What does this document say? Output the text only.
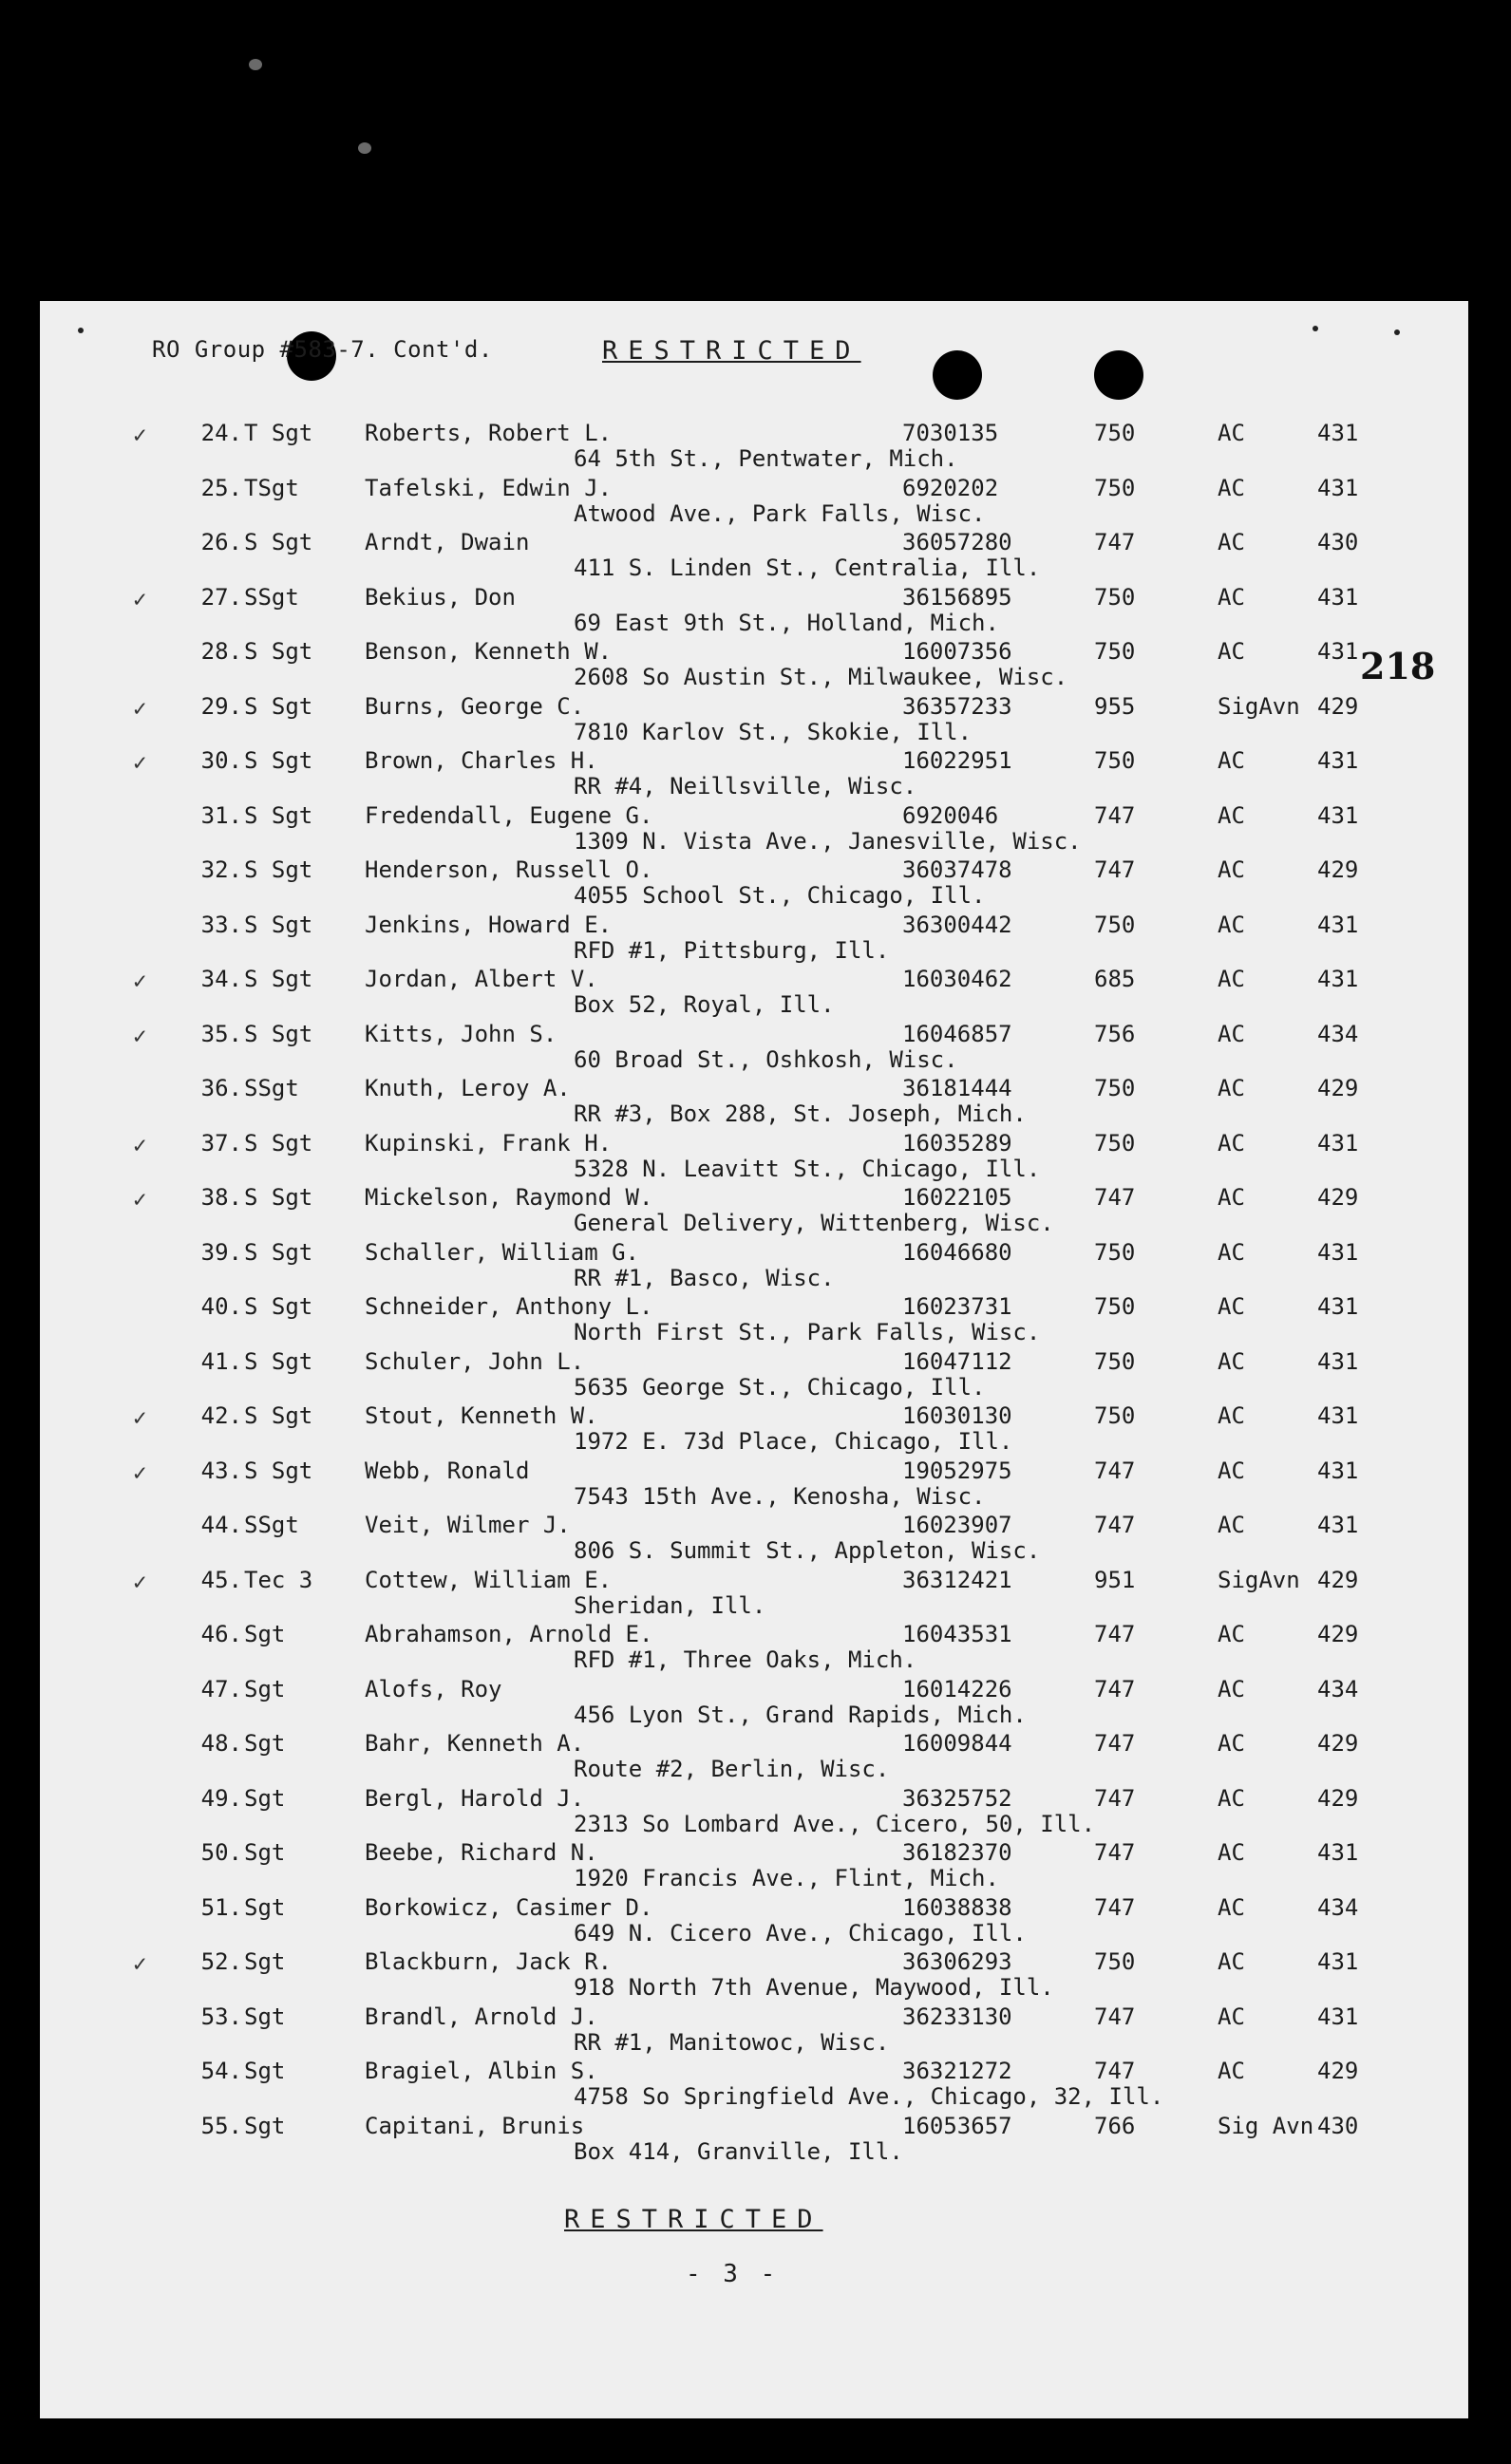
RO Group #583-7. Cont'd.	RESTRICTED
218
✓	24. T Sgt Roberts, Robert L.	7030135	750	AC	431
64 5th St., Pentwater, Mich.
25. TSgt	Tafelski, Edwin J.	6920202	750	AC	431
Atwood Ave., Park Falls, Wisc.
26. S Sgt Arndt, Dwain	36057280	747	AC	430
411 S. Linden St., Centralia, Ill.
✓	27. SSgt	Bekius, Don	36156895	750	AC	431
69 East 9th St., Holland, Mich.
28. S Sgt Benson, Kenneth W.	16007356	750	AC	431
2608 So Austin St., Milwaukee, Wisc.
✓	29. S Sgt Burns, George C.	36357233	955	SigAvn 429
7810 Karlov St., Skokie, Ill.
✓	30. S Sgt Brown, Charles H.	16022951	750	AC	431
RR #4, Neillsville, Wisc.
31. S Sgt Fredendall, Eugene G.	6920046	747	AC	431
1309 N. Vista Ave., Janesville, Wisc.
32. S Sgt Henderson, Russell O.	36037478	747	AC	429
4055 School St., Chicago, Ill.
33. S Sgt Jenkins, Howard E.	36300442	750	AC	431
RFD #1, Pittsburg, Ill.
✓	34. S Sgt Jordan, Albert V.	16030462	685	AC	431
Box 52, Royal, Ill.
✓	35. S Sgt Kitts, John S.	16046857	756	AC	434
60 Broad St., Oshkosh, Wisc.
36. SSgt	Knuth, Leroy A.	36181444	750	AC	429
RR #3, Box 288, St. Joseph, Mich.
✓	37. S Sgt Kupinski, Frank H.	16035289	750	AC	431
5328 N. Leavitt St., Chicago, Ill.
✓	38. S Sgt Mickelson, Raymond W.	16022105	747	AC	429
General Delivery, Wittenberg, Wisc.
39. S Sgt Schaller, William G.	16046680	750	AC	431
RR #1, Basco, Wisc.
40. S Sgt Schneider, Anthony L.	16023731	750	AC	431
North First St., Park Falls, Wisc.
41. S Sgt Schuler, John L.	16047112	750	AC	431
5635 George St., Chicago, Ill.
✓	42. S Sgt Stout, Kenneth W.	16030130	750	AC	431
1972 E. 73d Place, Chicago, Ill.
✓	43. S Sgt Webb, Ronald	19052975	747	AC	431
7543 15th Ave., Kenosha, Wisc.
44. SSgt	Veit, Wilmer J.	16023907	747	AC	431
806 S. Summit St., Appleton, Wisc.
✓	45. Tec 3 Cottew, William E.	36312421	951	SigAvn 429
Sheridan, Ill.
46. Sgt	Abrahamson, Arnold E.	16043531	747	AC	429
RFD #1, Three Oaks, Mich.
47. Sgt	Alofs, Roy	16014226	747	AC	434
456 Lyon St., Grand Rapids, Mich.
48. Sgt	Bahr, Kenneth A.	16009844	747	AC	429
Route #2, Berlin, Wisc.
49. Sgt	Bergl, Harold J.	36325752	747	AC	429
2313 So Lombard Ave., Cicero, 50, Ill.
50. Sgt	Beebe, Richard N.	36182370	747	AC	431
1920 Francis Ave., Flint, Mich.
51. Sgt	Borkowicz, Casimer D.	16038838	747	AC	434
649 N. Cicero Ave., Chicago, Ill.
✓	52. Sgt	Blackburn, Jack R.	36306293	750	AC	431
918 North 7th Avenue, Maywood, Ill.
53. Sgt	Brandl, Arnold J.	36233130	747	AC	431
RR #1, Manitowoc, Wisc.
54. Sgt	Bragiel, Albin S.	36321272	747	AC	429
4758 So Springfield Ave., Chicago, 32, Ill.
55. Sgt	Capitani, Brunis	16053657	766	Sig Avn 430
Box 414, Granville, Ill.
RESTRICTED
- 3 -
